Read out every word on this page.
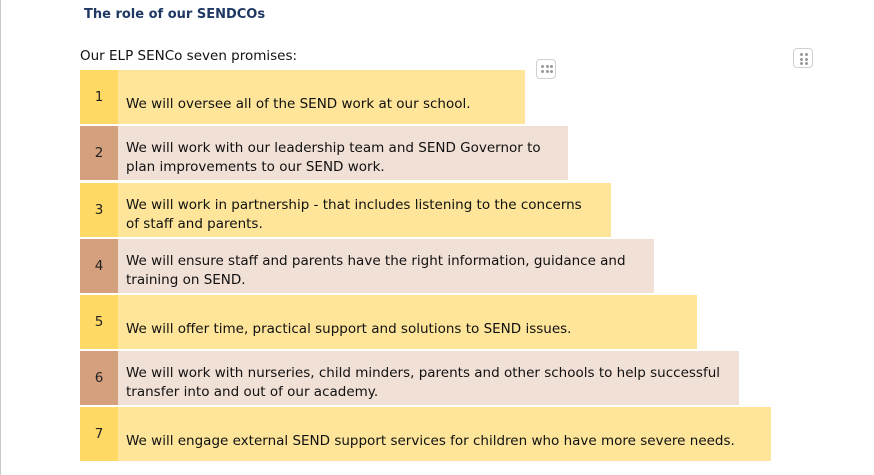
The role of our SENDCOs
Our ELP SENCo seven promises:
1	We will oversee all of the SEND work at our school.
2	We will work with our leadership team and SEND Governor to plan improvements to our SEND work.
3	We will work in partnership - that includes listening to the concerns of staff and parents.
4	We will ensure staff and parents have the right information, guidance and training on SEND.
5	We will offer time, practical support and solutions to SEND issues.
6	We will work with nurseries, child minders, parents and other schools to help successful transfer into and out of our academy.
7	We will engage external SEND support services for children who have more severe needs.
